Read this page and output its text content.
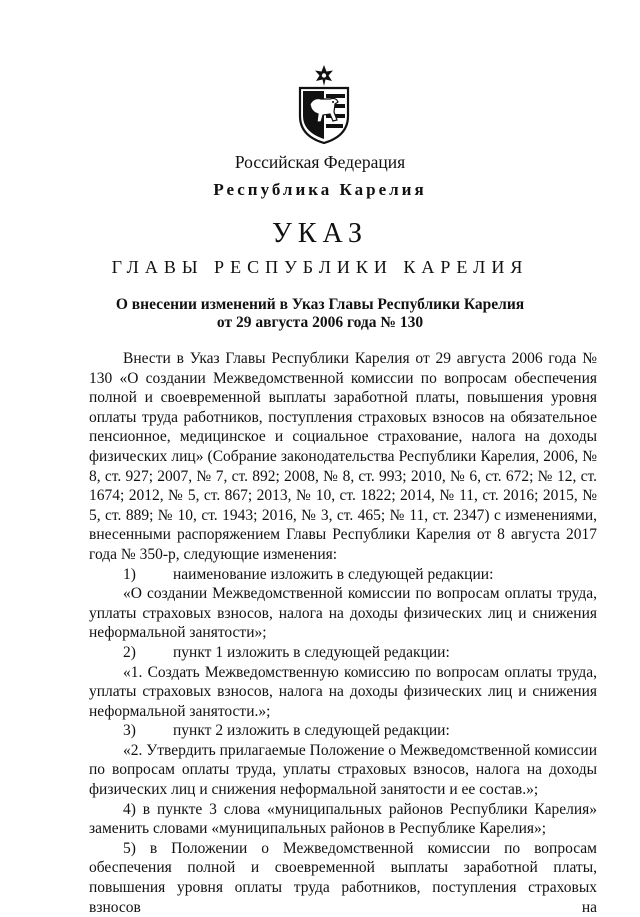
Российская Федерация
Республика Карелия
УКАЗ
ГЛАВЫ РЕСПУБЛИКИ КАРЕЛИЯ
О внесении изменений в Указ Главы Республики Карелия
от 29 августа 2006 года № 130

Внести в Указ Главы Республики Карелия от 29 августа 2006 года № 130 «О создании Межведомственной комиссии по вопросам обеспечения полной и своевременной выплаты заработной платы, повышения уровня оплаты труда работников, поступления страховых взносов на обязательное пенсионное, медицинское и социальное страхование, налога на доходы физических лиц» (Собрание законодательства Республики Карелия, 2006, № 8, ст. 927; 2007, № 7, ст. 892; 2008, № 8, ст. 993; 2010, № 6, ст. 672; № 12, ст. 1674; 2012, № 5, ст. 867; 2013, № 10, ст. 1822; 2014, № 11, ст. 2016; 2015, № 5, ст. 889; № 10, ст. 1943; 2016, № 3, ст. 465; № 11, ст. 2347) с изменениями, внесенными распоряжением Главы Республики Карелия от 8 августа 2017 года № 350-р, следующие изменения:

1) наименование изложить в следующей редакции:

«О создании Межведомственной комиссии по вопросам оплаты труда, уплаты страховых взносов, налога на доходы физических лиц и снижения неформальной занятости»;

2) пункт 1 изложить в следующей редакции:

«1. Создать Межведомственную комиссию по вопросам оплаты труда, уплаты страховых взносов, налога на доходы физических лиц и снижения неформальной занятости.»;

3) пункт 2 изложить в следующей редакции:

«2. Утвердить прилагаемые Положение о Межведомственной комиссии по вопросам оплаты труда, уплаты страховых взносов, налога на доходы физических лиц и снижения неформальной занятости и ее состав.»;

4) в пункте 3 слова «муниципальных районов Республики Карелия» заменить словами «муниципальных районов в Республике Карелия»;

5) в Положении о Межведомственной комиссии по вопросам обеспечения полной и своевременной выплаты заработной платы, повышения уровня оплаты труда работников, поступления страховых взносов на
